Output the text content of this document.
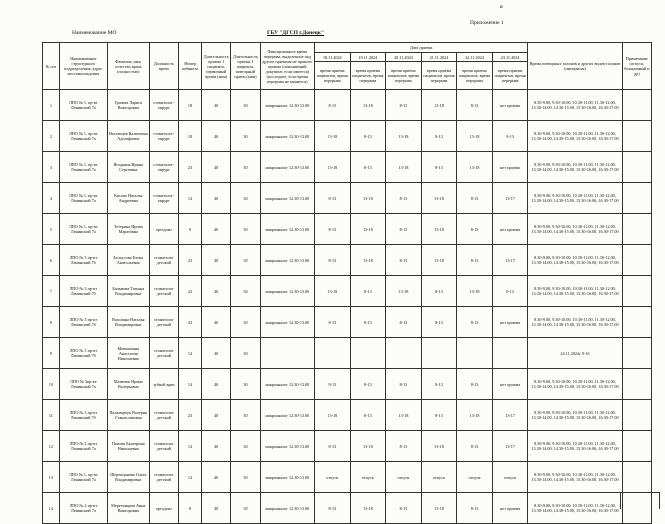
а
Приложение 1
Наименование МО	ГБУ "ДГСП г.Донецк"
№ п/п	Наименование структурного подразделения, адрес местонахождения	Фамилия, имя, отчество врача (полностью)	Должность врача	Номер кабинета	Длительность приема 1 пациента, первичный прием (мин)	Длительность приема 1 пациента, повторный прием (мин)	Фиксированное время перерыва, выделенное под другие причины не прямого приема (поясняющий документ, если имеется) (последнее, если время перерыва не меняется)	Дата приема						Время повторных талонов и других видов талонов (интервалы)	Примечание (отпуск, больничный и др)
								18.11.2024	19.11.2024	20.11.2024	21.11.2024	22.11.2024	23.11.2024		
								время приема пациентов, время перерыва	время приема пациентов, время перерыва	время приема пациентов, время перерыва	время приема пациентов, время перерыва	время приема пациентов, время перерыва	время приема пациентов, время перерыва		
1	ЛПО № 1, пр-кт Ленинский 7а	Грачева Лариса Викторовна	стоматолог-хирург	18	40	30	макроаналог 12.30-13.00	8-13	13-18	8-13	13-18	8-13	нет приема	8.30-9.00, 9.30-10.00, 10.30-11.00, 11.30-12.00, 13.30-14.00, 14.30-15.00, 15.30-16.00, 16.30-17.00	
2	ЛПО № 1, пр-кт Ленинский 7а	Настенцев Валентина Адольфовна	стоматолог-хирург	18	40	30	макроаналог 12.30-13.00	13-18	8-13	13-18	8-13	13-18	9-13	8.30-9.00, 9.30-10.00, 10.30-11.00, 11.30-12.00, 13.30-14.00, 14.30-15.00, 15.30-16.00, 16.30-17.00	
3	ЛПО № 1, пр-кт Ленинский 7а	Ягодкина Ирина Сергеевна	стоматолог-хирург	23	40	30	макроаналог 12.30-13.00	13-18	8-13	13-18	8-13	13-18	нет приема	8.30-9.00, 9.30-10.00, 10.30-11.00, 11.30-12.00, 13.30-14.00, 14.30-15.00, 15.30-16.00, 16.30-17.00	
4	ЛПО № 1, пр-кт Ленинский 7а	Кисова Наталья Андреевна	стоматолог-хирург	14	40	30	макроаналог 12.30-13.00	8-13	13-18	8-13	13-18	8-13	13-17	8.30-9.00, 9.30-10.00, 10.30-11.00, 11.30-12.00, 13.30-14.00, 14.30-15.00, 15.30-16.00, 16.30-17.00	
5	ЛПО № 1, пр-кт Ленинский 7а	Тетерина Ирина Маратовна	ортодонт	9	40	30	макроаналог 12.30-13.00	8-13	13-18	8-13	13-18	8-13	нет приема	8.30-9.00, 9.30-10.00, 10.30-11.00, 11.30-12.00, 13.30-14.00, 14.30-15.00, 15.30-16.00, 16.30-17.00	
6	ЛПО № 3 пр-кт Ленинский 7б	Белоусова Елена Анатольевна	стоматолог детский	23	40	30	макроаналог 12.30-13.00	8-13	13-18	8-13	13-18	8-13	13-17	8.30-9.00, 9.30-10.00, 10.30-11.00, 11.30-12.00, 13.30-14.00, 14.30-15.00, 15.30-16.00, 16.30-17.00	
7	ЛПО № 3 пр-кт Ленинский 7б	Балыкова Татьяна Владимировна	стоматолог детский	23	40	30	макроаналог 12.30-13.00	13-18	8-13	13-18	8-13	13-18	9-13	8.30-9.00, 9.30-10.00, 10.30-11.00, 11.30-12.00, 13.30-14.00, 14.30-15.00, 15.30-16.00, 16.30-17.00	
8	ЛПО № 3 пр-кт Ленинский 7б	Вазолина Наталья Владимировна	стоматолог детский	23	40	30	макроаналог 12.30-13.00	8-13	8-13	8-13	8-13	8-13	нет приема	8.30-9.00, 9.30-10.00, 10.30-11.00, 11.30-12.00, 13.30-14.00, 14.30-15.00, 15.30-16.00, 16.30-17.00	
9	ЛПО № 3 пр-кт Ленинский 7б	Мокшанина Анастасия Николаевна	стоматолог детский	14	40	30								24.11.2024г 9-16	
10	ЛПО № 3пр-кт Ленинский 7а	Матвеюк Ирина Валерьевна	зубной врач	14	40	30	макроаналог 12.30-13.00	8-13	8-13	8-13	8-13	8-13	нет приема	8.30-9.00, 9.30-10.00, 10.30-11.00, 11.30-12.00, 13.30-14.00, 14.30-15.00, 15.30-16.00, 16.30-17.00	
11	ЛПО № 3 пр-кт Ленинский 7б	Паламарчук Валерия Станиславовна	стоматолог детский	23	40	30	макроаналог 12.30-13.00	13-18	8-13	13-18	8-13	13-18	13-17	8.30-9.00, 9.30-10.00, 10.30-11.00, 11.30-12.00, 13.30-14.00, 14.30-15.00, 15.30-16.00, 16.30-17.00	
12	ЛПО № 2 пр-кт Ленинский 7а	Попова Екатерина Николаевна	стоматолог детский	14	40	30	макроаналог 12.30-13.00	8-13	13-18	8-13	13-18	8-13	13-17	8.30-9.00, 9.30-10.00, 10.30-11.00, 11.30-12.00, 13.30-14.00, 14.30-15.00, 15.30-16.00, 16.30-17.00	
13	ЛПО № 1, пр-кт Ленинский 7а	Шеренцанова Ольга Владимировна	стоматолог детский	14	40	30	макроаналог 12.30-13.00	отпуск	отпуск	отпуск	отпуск	отпуск	отпуск	8.30-9.00, 9.30-10.00, 10.30-11.00, 11.30-12.00, 13.30-14.00, 14.30-15.00, 15.30-16.00, 16.30-17.00	
14	ЛПО № 2 пр-кт Ленинский 7а	Меретинцкая Анна Викторовна	ортодонт	8	40	30	макроаналог 12.30-13.00	8-13	13-18	8-13	13-18	8-13	нет приема	8.30-9.00, 9.30-10.00, 10.30-11.00, 11.30-12.00, 13.30-14.00, 14.30-15.00, 15.30-16.00, 16.30-17.00	
